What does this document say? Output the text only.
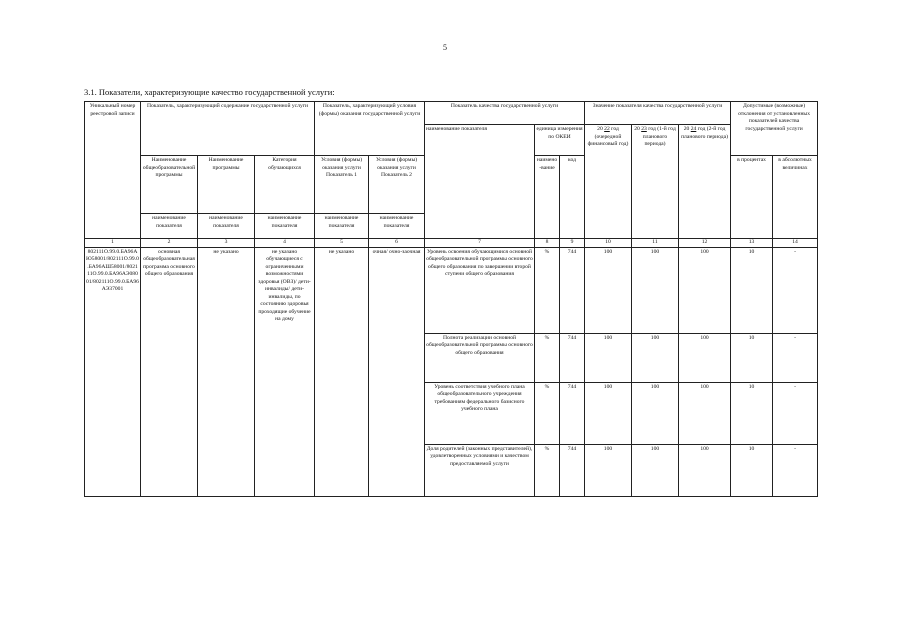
5
3.1. Показатели, характеризующие качество государственной услуги:
Уникальный номер реестровой записи	Показатель, характеризующий содержание государственной услуги			Показатель, характеризующий условия (формы) оказания государственной услуги		Показатель качества государственной услуги			Значение показателя качества государственной услуги			Допустимые (возможные) отклонения от установленных показателей качества государственной услуги	
						наименование показателя	единица измерения по ОКЕИ		20 22 год (очередной финансовый год)	20 23 год (1-й год планового периода)	20 24 год (2-й год планового периода)		
	Наименование общеобразовательной программы	Наименование программы	Категория обучающихся	Условия (формы) оказания услуги Показатель 1	Условия (формы) оказания услуги Показатель 2		наимено-вание	код				в процентах	в абсолютных величинах
	наименование показателя	наименование показателя	наименование показателя	наименование показателя	наименование показателя								
1	2	3	4	5	6	7	8	9	10	11	12	13	14
802111О.99.0.БА96АЮ58001/802111О.99.0.БА96АШ58001/802111О.99.0.БА96АЭ08001/802111О.99.0.БА96АЭ37001	основная общеобразовательная программа основного общего образования	не указано	не указано обучающиеся с ограниченными возможностями здоровья (ОВЗ)/ дети-инвалиды/ дети-инвалиды, по состоянию здоровья проходящие обучение на дому	не указано	очная/ очно-заочная	Уровень освоения обучающимися основной общеобразовательной программы основного общего образования по завершении второй ступени общего образования	%	744	100	100	100	10	-
						Полнота реализации основной общеобразовательной программы основного общего образования	%	744	100	100	100	10	-
						Уровень соответствия учебного плана общеобразовательного учреждения требованиям федерального базисного учебного плана	%	744	100	100	100	10	-
						Доля родителей (законных представителей), удовлетворенных условиями и качеством предоставляемой услуги	%	744	100	100	100	10	-
